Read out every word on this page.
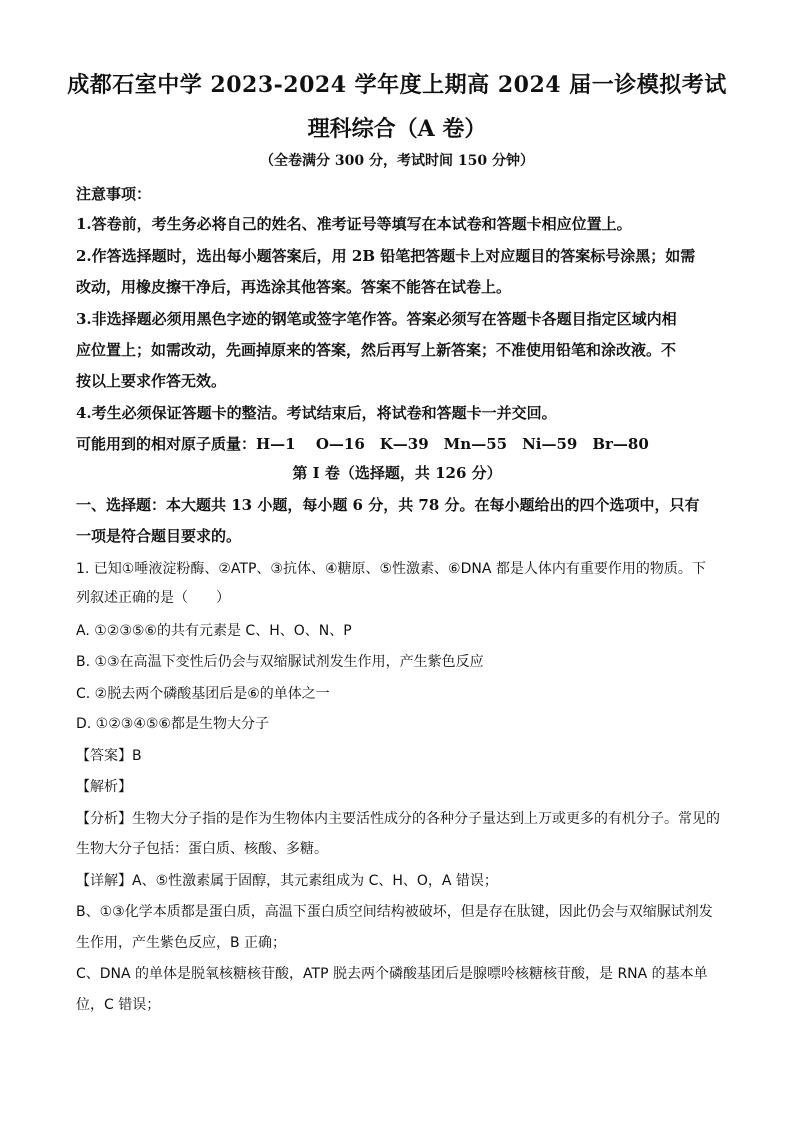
成都石室中学 2023-2024 学年度上期高 2024 届一诊模拟考试
理科综合（A 卷）
（全卷满分 300 分，考试时间 150 分钟）
注意事项：
1.答卷前，考生务必将自己的姓名、准考证号等填写在本试卷和答题卡相应位置上。
2.作答选择题时，选出每小题答案后，用 2B 铅笔把答题卡上对应题目的答案标号涂黑；如需
改动，用橡皮擦干净后，再选涂其他答案。答案不能答在试卷上。
3.非选择题必须用黑色字迹的钢笔或签字笔作答。答案必须写在答题卡各题目指定区域内相
应位置上；如需改动，先画掉原来的答案，然后再写上新答案；不准使用铅笔和涂改液。不
按以上要求作答无效。
4.考生必须保证答题卡的整洁。考试结束后，将试卷和答题卡一并交回。
可能用到的相对原子质量：H—1　 O—16　K—39　Mn—55　Ni—59　Br—80
第 I 卷（选择题，共 126 分）
一、选择题：本大题共 13 小题，每小题 6 分，共 78 分。在每小题给出的四个选项中，只有
一项是符合题目要求的。
1. 已知①唾液淀粉酶、②ATP、③抗体、④糖原、⑤性激素、⑥DNA 都是人体内有重要作用的物质。下
列叙述正确的是（　　）
A. ①②③⑤⑥的共有元素是 C、H、O、N、P
B. ①③在高温下变性后仍会与双缩脲试剂发生作用，产生紫色反应
C. ②脱去两个磷酸基团后是⑥的单体之一
D. ①②③④⑤⑥都是生物大分子
【答案】B
【解析】
【分析】生物大分子指的是作为生物体内主要活性成分的各种分子量达到上万或更多的有机分子。常见的
生物大分子包括：蛋白质、核酸、多糖。
【详解】A、⑤性激素属于固醇，其元素组成为 C、H、O，A 错误；
B、①③化学本质都是蛋白质，高温下蛋白质空间结构被破坏，但是存在肽键，因此仍会与双缩脲试剂发
生作用，产生紫色反应，B 正确；
C、DNA 的单体是脱氧核糖核苷酸，ATP 脱去两个磷酸基团后是腺嘌呤核糖核苷酸，是 RNA 的基本单
位，C 错误；
